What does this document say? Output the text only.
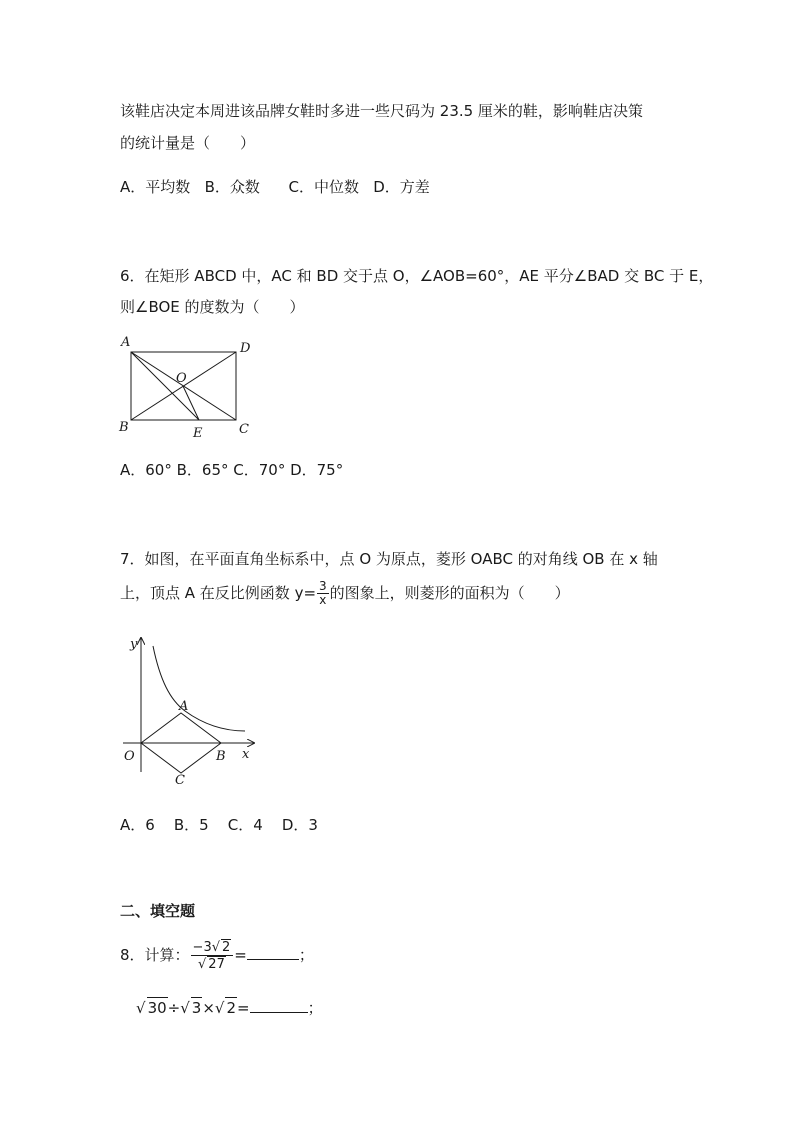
该鞋店决定本周进该品牌女鞋时多进一些尺码为 23.5 厘米的鞋，影响鞋店决策
的统计量是（　　）
A．平均数   B．众数      C．中位数   D．方差
6．在矩形 ABCD 中，AC 和 BD 交于点 O，∠AOB=60°，AE 平分∠BAD 交 BC 于 E，
则∠BOE 的度数为（　　）
A	D
O
B	E	C
A．60° B．65° C．70° D．75°
7．如图，在平面直角坐标系中，点 O 为原点，菱形 OABC 的对角线 OB 在 x 轴
上，顶点 A 在反比例函数 $y= \frac{3}{x}$ 的图象上，则菱形的面积为（　　）
y
x
O
A
B
C
A．6    B．5    C．4    D．3
二、填空题
8．计算： $\frac{-3√ 2}{√ 27}$ =	；
√ 30÷√ 3×√ 2=	；
